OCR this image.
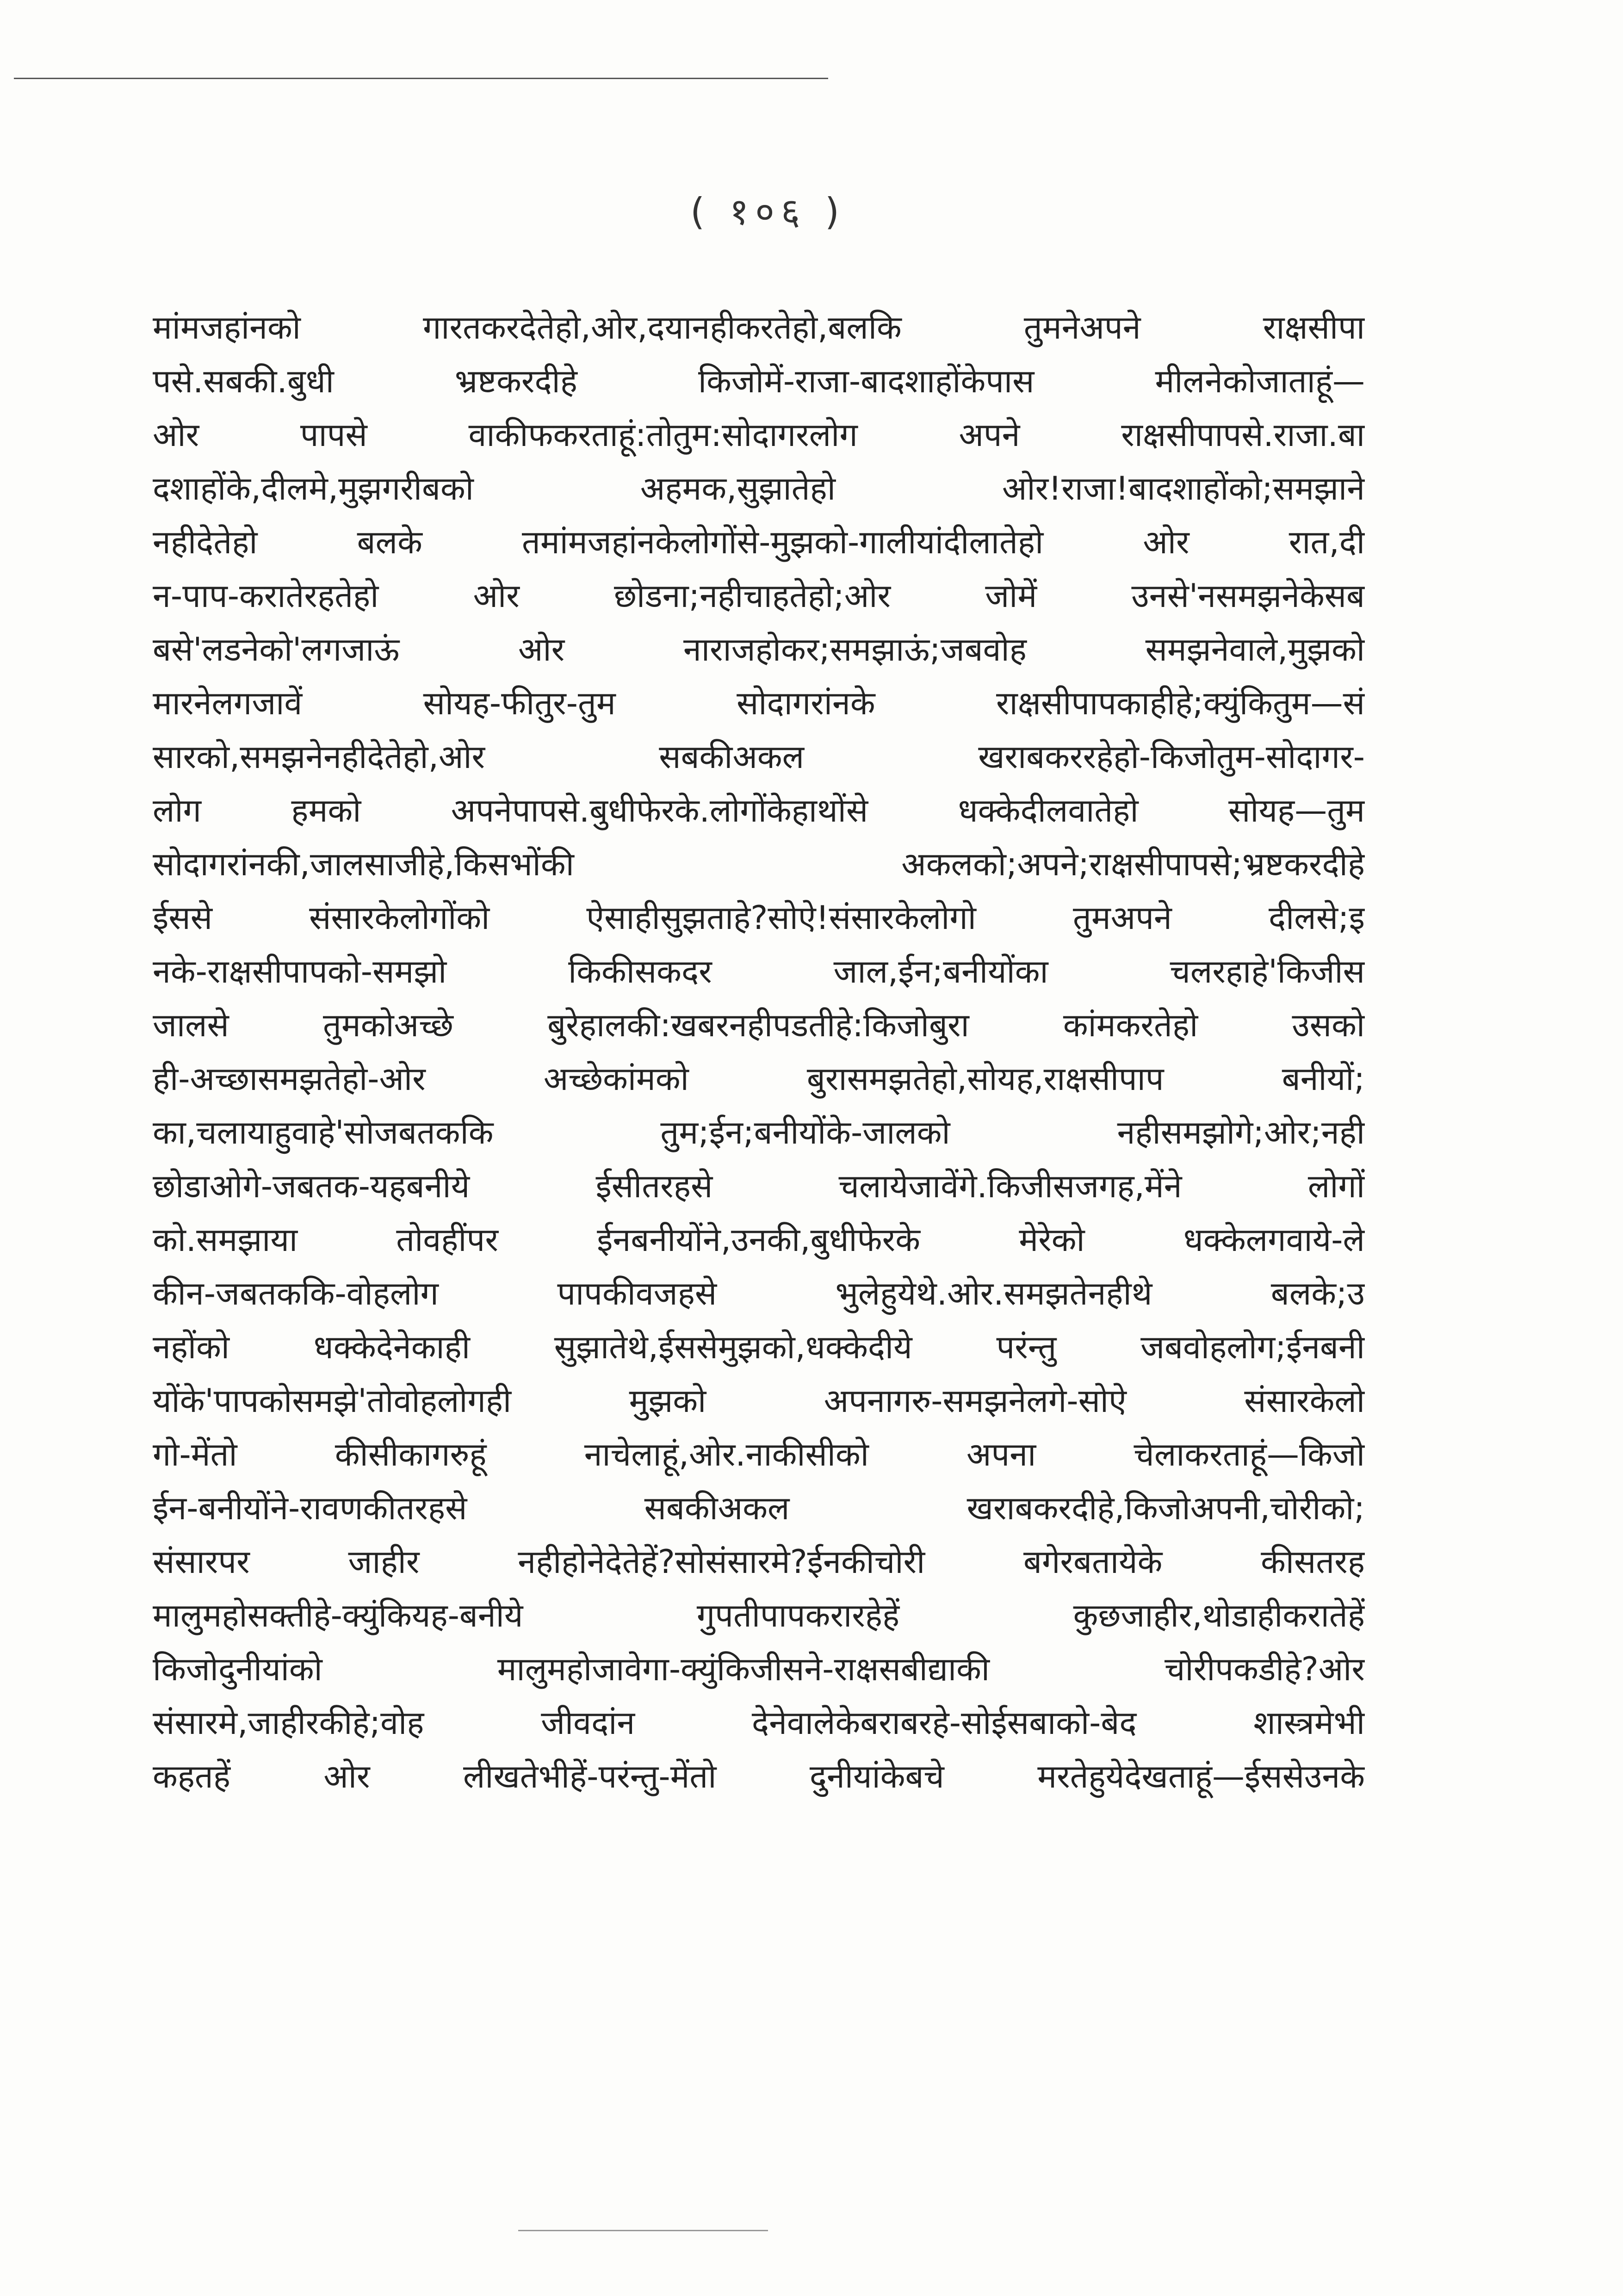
( १०६ )
मांमजहांनको गारतकरदेतेहो,ओर,दयानहीकरतेहो,बलकि तुमनेअपने राक्षसीपा
पसे.सबकी.बुधी भ्रष्टकरदीहे किजोमें-राजा-बादशाहोंकेपास मीलनेकोजाताहूं—
ओर पापसे वाकीफकरताहूं:तोतुम:सोदागरलोग अपने राक्षसीपापसे.राजा.बा
दशाहोंके,दीलमे,मुझगरीबको अहमक,सुझातेहो ओर!राजा!बादशाहोंको;समझाने
नहीदेतेहो बलके तमांमजहांनकेलोगोंसे-मुझको-गालीयांदीलातेहो ओर रात,दी
न-पाप-करातेरहतेहो ओर छोडना;नहीचाहतेहो;ओर जोमें उनसे'नसमझनेकेसब
बसे'लडनेको'लगजाऊं ओर नाराजहोकर;समझाऊं;जबवोह समझनेवाले,मुझको
मारनेलगजावें सोयह-फीतुर-तुम सोदागरांनके राक्षसीपापकाहीहे;क्युंकितुम—सं
सारको,समझनेनहीदेतेहो,ओर सबकीअकल खराबकररहेहो-किजोतुम-सोदागर-
लोग हमको अपनेपापसे.बुधीफेरके.लोगोंकेहाथोंसे धक्केदीलवातेहो सोयह—तुम
सोदागरांनकी,जालसाजीहे,किसभोंकी अकलको;अपने;राक्षसीपापसे;भ्रष्टकरदीहे
ईससे संसारकेलोगोंको ऐसाहीसुझताहे?सोऐ!संसारकेलोगो तुमअपने दीलसे;इ
नके-राक्षसीपापको-समझो किकीसकदर जाल,ईन;बनीयोंका चलरहाहे'किजीस
जालसे तुमकोअच्छे बुरेहालकी:खबरनहीपडतीहे:किजोबुरा कांमकरतेहो उसको
ही-अच्छासमझतेहो-ओर अच्छेकांमको बुरासमझतेहो,सोयह,राक्षसीपाप बनीयों;
का,चलायाहुवाहे'सोजबतककि तुम;ईन;बनीयोंके-जालको नहीसमझोगे;ओर;नही
छोडाओगे-जबतक-यहबनीये ईसीतरहसे चलायेजावेंगे.किजीसजगह,मेंने लोगों
को.समझाया तोवहींपर ईनबनीयोंने,उनकी,बुधीफेरके मेरेको धक्केलगवाये-ले
कीन-जबतककि-वोहलोग पापकीवजहसे भुलेहुयेथे.ओर.समझतेनहीथे बलके;उ
नहोंको धक्केदेनेकाही सुझातेथे,ईससेमुझको,धक्केदीये परंन्तु जबवोहलोग;ईनबनी
योंके'पापकोसमझे'तोवोहलोगही मुझको अपनागरु-समझनेलगे-सोऐ संसारकेलो
गो-मेंतो कीसीकागरुहूं नाचेलाहूं,ओर.नाकीसीको अपना चेलाकरताहूं—किजो
ईन-बनीयोंने-रावणकीतरहसे सबकीअकल खराबकरदीहे,किजोअपनी,चोरीको;
संसारपर जाहीर नहीहोनेदेतेहें?सोसंसारमे?ईनकीचोरी बगेरबतायेके कीसतरह
मालुमहोसक्तीहे-क्युंकियह-बनीये गुपतीपापकरारहेहें कुछजाहीर,थोडाहीकरातेहें
किजोदुनीयांको मालुमहोजावेगा-क्युंकिजीसने-राक्षसबीद्याकी चोरीपकडीहे?ओर
संसारमे,जाहीरकीहे;वोह जीवदांन देनेवालेकेबराबरहे-सोईसबाको-बेद शास्त्रमेभी
कहतहें ओर लीखतेभीहें-परंन्तु-मेंतो दुनीयांकेबचे मरतेहुयेदेखताहूं—ईससेउनके
